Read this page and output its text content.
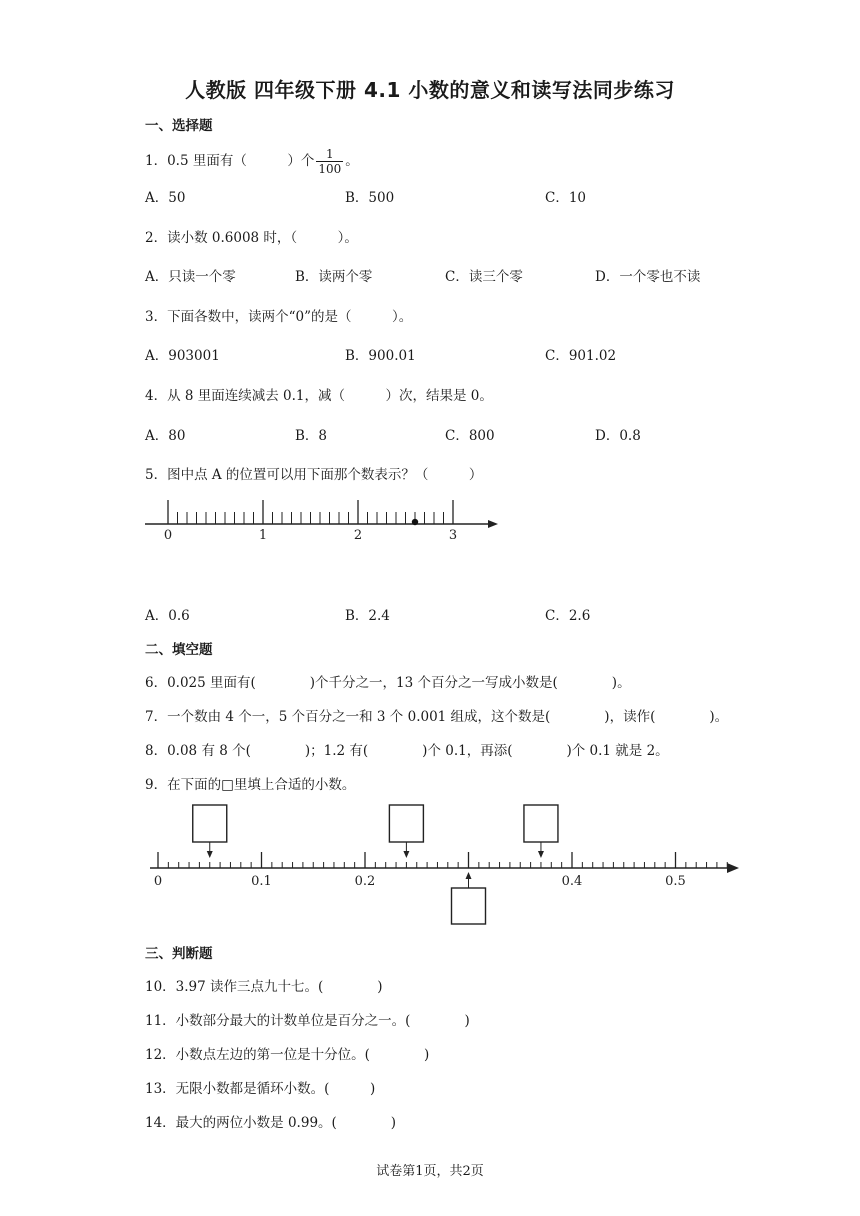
人教版 四年级下册 4.1 小数的意义和读写法同步练习
一、选择题
1．0.5 里面有（　　　）个 $\frac{1}{100}$ 。
A．50	B．500	C．10
2．读小数 0.6008 时，（　　　）。
A．只读一个零	B．读两个零	C．读三个零	D．一个零也不读
3．下面各数中，读两个“0”的是（　　　）。
A．903001	B．900.01	C．901.02
4．从 8 里面连续减去 0.1，减（　　　）次，结果是 0。
A．80	B．8	C．800	D．0.8
5．图中点 A 的位置可以用下面那个数表示？（　　　）
0	1	2	3
A．0.6	B．2.4	C．2.6
二、填空题
6．0.025 里面有(　　　　)个千分之一，13 个百分之一写成小数是(　　　　)。
7．一个数由 4 个一，5 个百分之一和 3 个 0.001 组成，这个数是(　　　　)，读作(　　　　)。
8．0.08 有 8 个(　　　　)；1.2 有(　　　　)个 0.1，再添(　　　　)个 0.1 就是 2。
9．在下面的□里填上合适的小数。
0	0.1	0.2	0.4	0.5
三、判断题
10．3.97 读作三点九十七。(　　　　)
11．小数部分最大的计数单位是百分之一。(　　　　)
12．小数点左边的第一位是十分位。(　　　　)
13．无限小数都是循环小数。(　　　)
14．最大的两位小数是 0.99。(　　　　)
试卷第1页，共2页
